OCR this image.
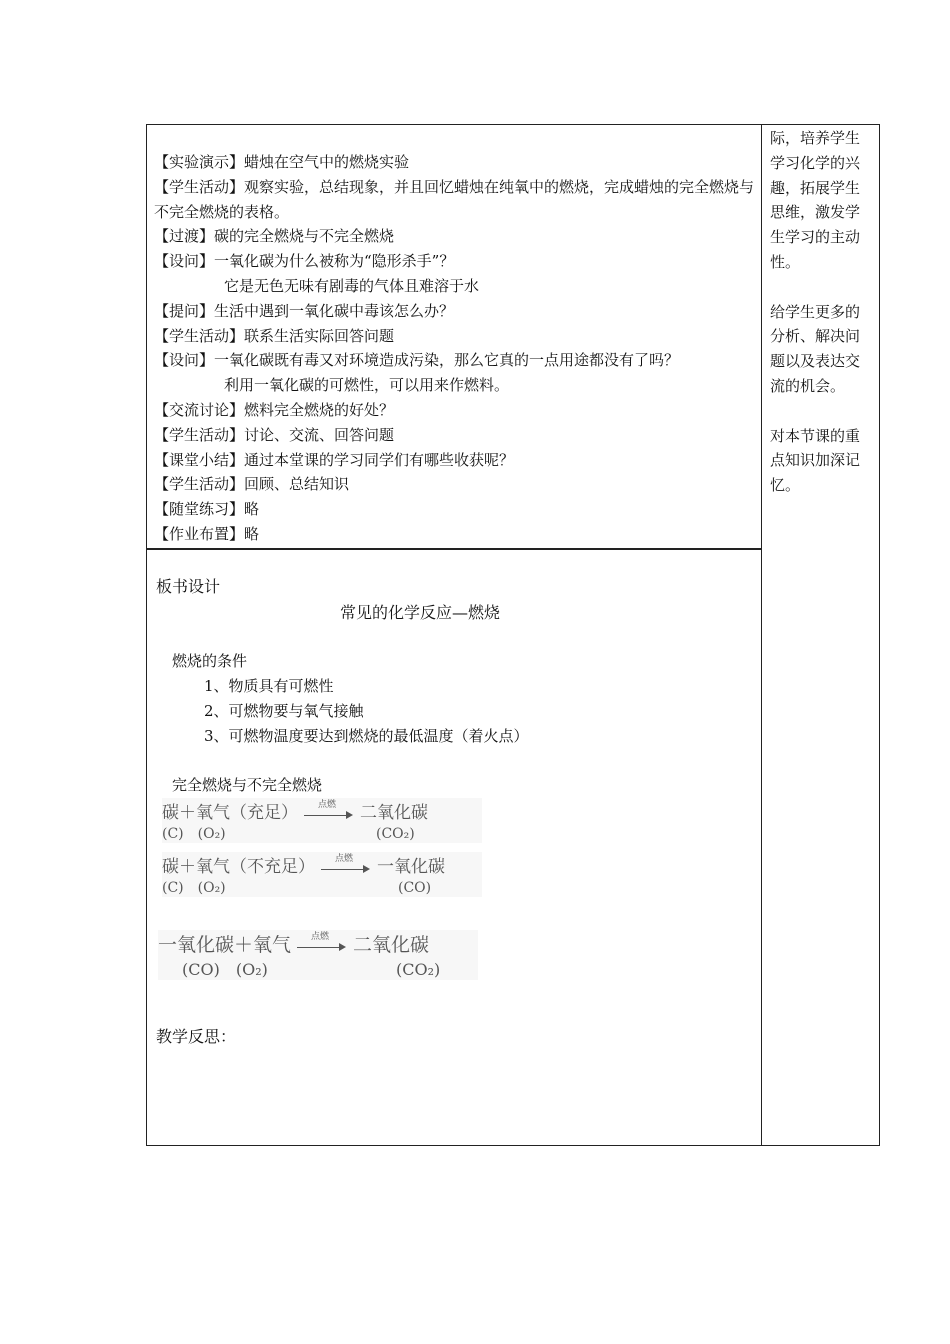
【实验演示】蜡烛在空气中的燃烧实验
【学生活动】观察实验，总结现象，并且回忆蜡烛在纯氧中的燃烧，完成蜡烛的完全燃烧与不完全燃烧的表格。
【过渡】碳的完全燃烧与不完全燃烧
【设问】一氧化碳为什么被称为“隐形杀手”？
它是无色无味有剧毒的气体且难溶于水
【提问】生活中遇到一氧化碳中毒该怎么办？
【学生活动】联系生活实际回答问题
【设问】一氧化碳既有毒又对环境造成污染，那么它真的一点用途都没有了吗？
利用一氧化碳的可燃性，可以用来作燃料。
【交流讨论】燃料完全燃烧的好处？
【学生活动】讨论、交流、回答问题
【课堂小结】通过本堂课的学习同学们有哪些收获呢？
【学生活动】回顾、总结知识
【随堂练习】略
【作业布置】略

际，培养学生学习化学的兴趣，拓展学生思维，激发学生学习的主动性。

给学生更多的分析、解决问题以及表达交流的机会。

对本节课的重点知识加深记忆。

板书设计
常见的化学反应—燃烧
燃烧的条件
1、物质具有可燃性
2、可燃物要与氧气接触
3、可燃物温度要达到燃烧的最低温度（着火点）
完全燃烧与不完全燃烧
碳＋氧气（充足） 点燃 二氧化碳
(C)　(O₂)	(CO₂)
碳＋氧气（不充足） 点燃 一氧化碳
(C)　(O₂)	(CO)
一氧化碳＋氧气 点燃 二氧化碳
(CO)　(O₂)	(CO₂)
教学反思：
